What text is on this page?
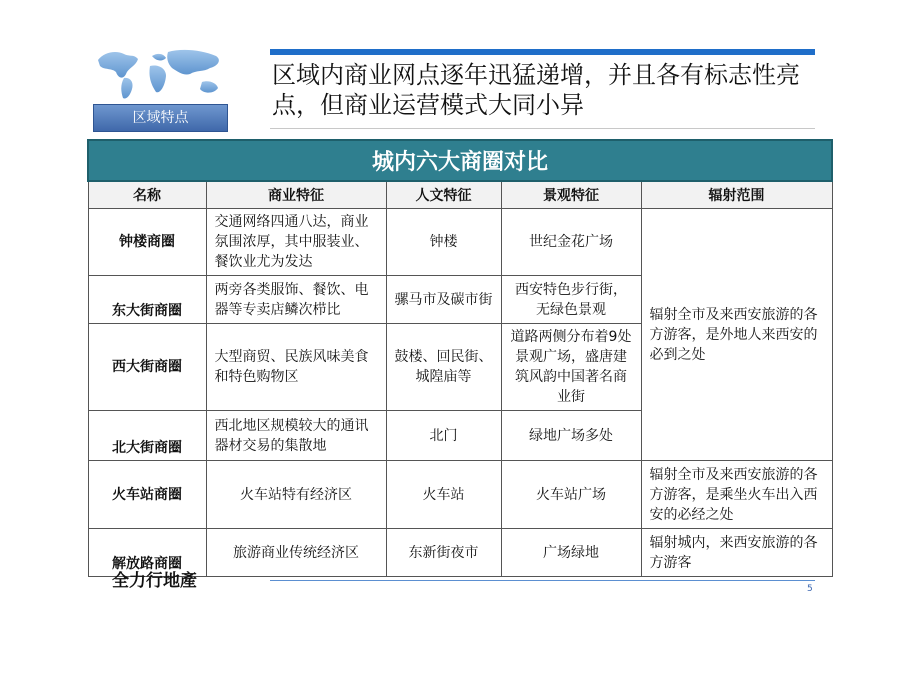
区域特点
区域内商业网点逐年迅猛递增，并且各有标志性亮点，但商业运营模式大同小异
城内六大商圈对比				
名称	商业特征	人文特征	景观特征	辐射范围
钟楼商圈	交通网络四通八达，商业氛围浓厚，其中服装业、餐饮业尤为发达	钟楼	世纪金花广场	辐射全市及来西安旅游的各方游客，是外地人来西安的必到之处
东大街商圈	两旁各类服饰、餐饮、电器等专卖店鳞次栉比	骡马市及碳市街	西安特色步行街，无绿色景观	
西大街商圈	大型商贸、民族风味美食和特色购物区	鼓楼、回民街、城隍庙等	道路两侧分布着9处景观广场，盛唐建筑风韵中国著名商业街	
北大街商圈	西北地区规模较大的通讯器材交易的集散地	北门	绿地广场多处	
火车站商圈	火车站特有经济区	火车站	火车站广场	辐射全市及来西安旅游的各方游客，是乘坐火车出入西安的必经之处
解放路商圈	旅游商业传统经济区	东新街夜市	广场绿地	辐射城内，来西安旅游的各方游客
全力行地產	5
